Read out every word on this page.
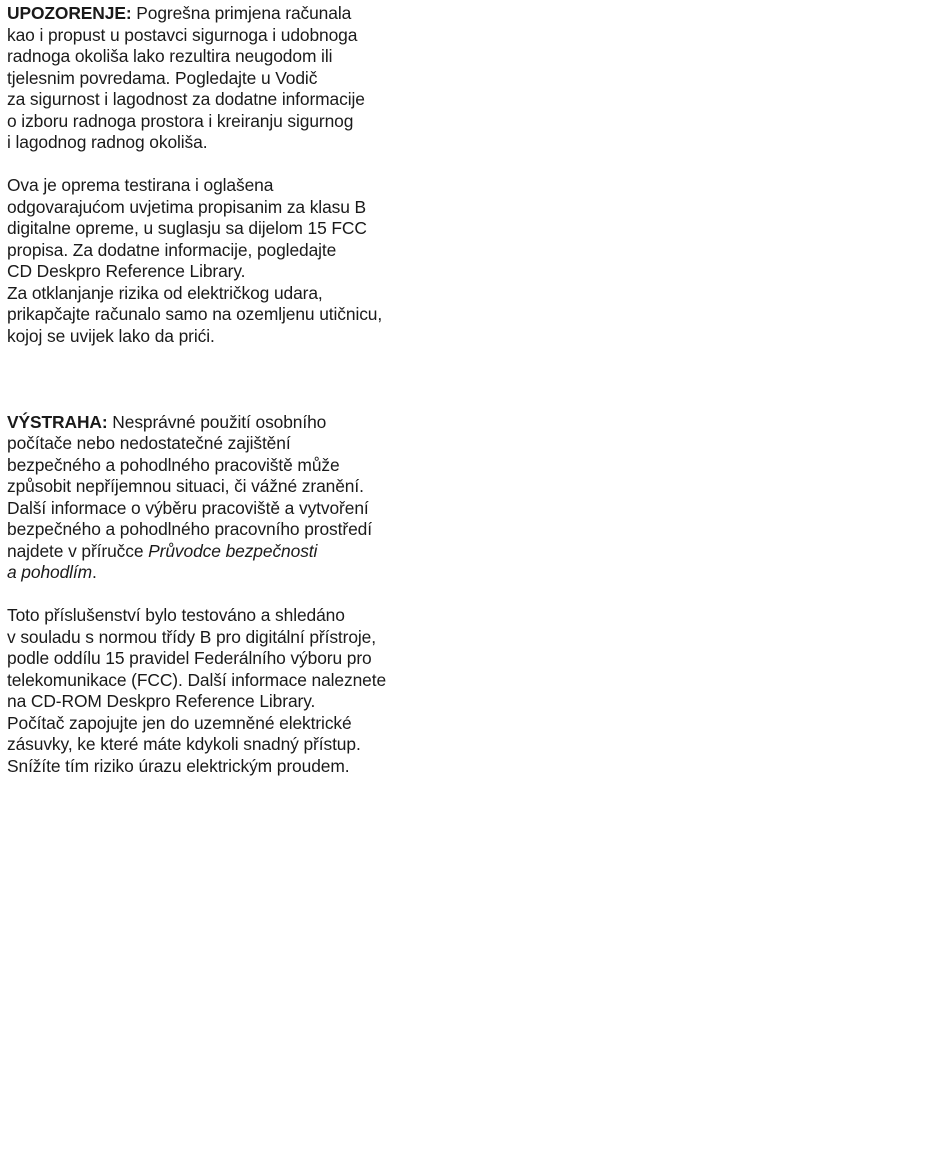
UPOZORENJE: Pogrešna primjena računala
kao i propust u postavci sigurnoga i udobnoga
radnoga okoliša lako rezultira neugodom ili
tjelesnim povredama. Pogledajte u Vodič
za sigurnost i lagodnost za dodatne informacije
o izboru radnoga prostora i kreiranju sigurnog
i lagodnog radnog okoliša.
Ova je oprema testirana i oglašena
odgovarajućom uvjetima propisanim za klasu B
digitalne opreme, u suglasju sa dijelom 15 FCC
propisa. Za dodatne informacije, pogledajte
CD Deskpro Reference Library.
Za otklanjanje rizika od električkog udara,
prikapčajte računalo samo na ozemljenu utičnicu,
kojoj se uvijek lako da prići.
VÝSTRAHA: Nesprávné použití osobního
počítače nebo nedostatečné zajištění
bezpečného a pohodlného pracoviště může
způsobit nepříjemnou situaci, či vážné zranění.
Další informace o výběru pracoviště a vytvoření
bezpečného a pohodlného pracovního prostředí
najdete v příručce Průvodce bezpečnosti
a pohodlím.
Toto příslušenství bylo testováno a shledáno
v souladu s normou třídy B pro digitální přístroje,
podle oddílu 15 pravidel Federálního výboru pro
telekomunikace (FCC). Další informace naleznete
na CD-ROM Deskpro Reference Library.
Počítač zapojujte jen do uzemněné elektrické
zásuvky, ke které máte kdykoli snadný přístup.
Snížíte tím riziko úrazu elektrickým proudem.
